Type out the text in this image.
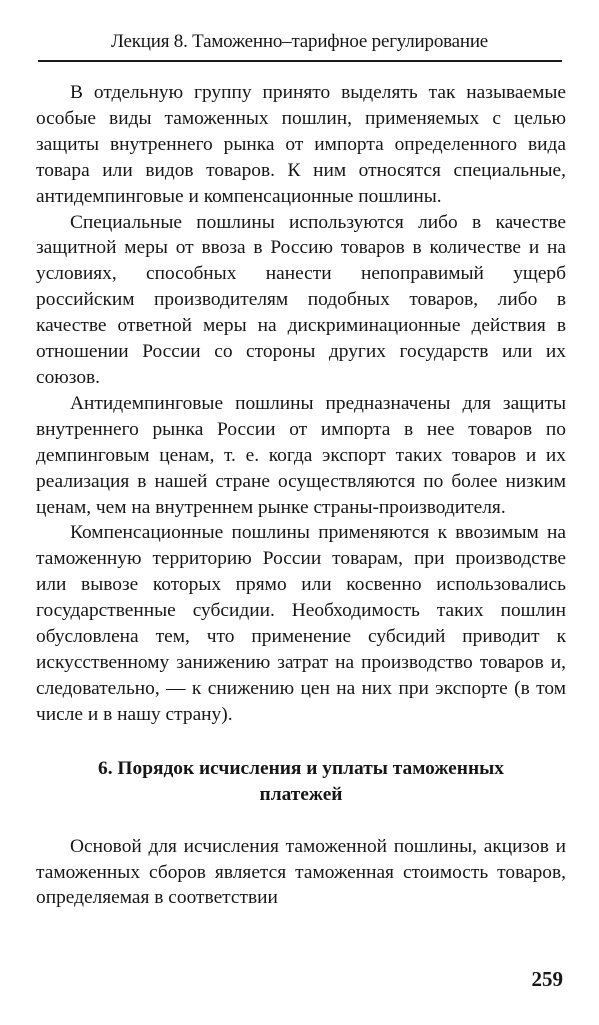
Лекция 8. Таможенно–тарифное регулирование

В отдельную группу принято выделять так называемые особые виды таможенных пошлин, применяемых с целью защиты внутреннего рынка от импорта определенного вида товара или видов товаров. К ним относятся специальные, антидемпинговые и компенсационные пошлины.

Специальные пошлины используются либо в качестве защитной меры от ввоза в Россию товаров в количестве и на условиях, способных нанести непоправимый ущерб российским производителям подобных товаров, либо в качестве ответной меры на дискриминационные действия в отношении России со стороны других государств или их союзов.

Антидемпинговые пошлины предназначены для защиты внутреннего рынка России от импорта в нее товаров по демпинговым ценам, т. е. когда экспорт таких товаров и их реализация в нашей стране осуществляются по более низким ценам, чем на внутреннем рынке страны-производителя.

Компенсационные пошлины применяются к ввозимым на таможенную территорию России товарам, при производстве или вывозе которых прямо или косвенно использовались государственные субсидии. Необходимость таких пошлин обусловлена тем, что применение субсидий приводит к искусственному занижению затрат на производство товаров и, следовательно, — к снижению цен на них при экспорте (в том числе и в нашу страну).

6. Порядок исчисления и уплаты таможенных
платежей

Основой для исчисления таможенной пошлины, акцизов и таможенных сборов является таможенная стоимость товаров, определяемая в соответствии

259
